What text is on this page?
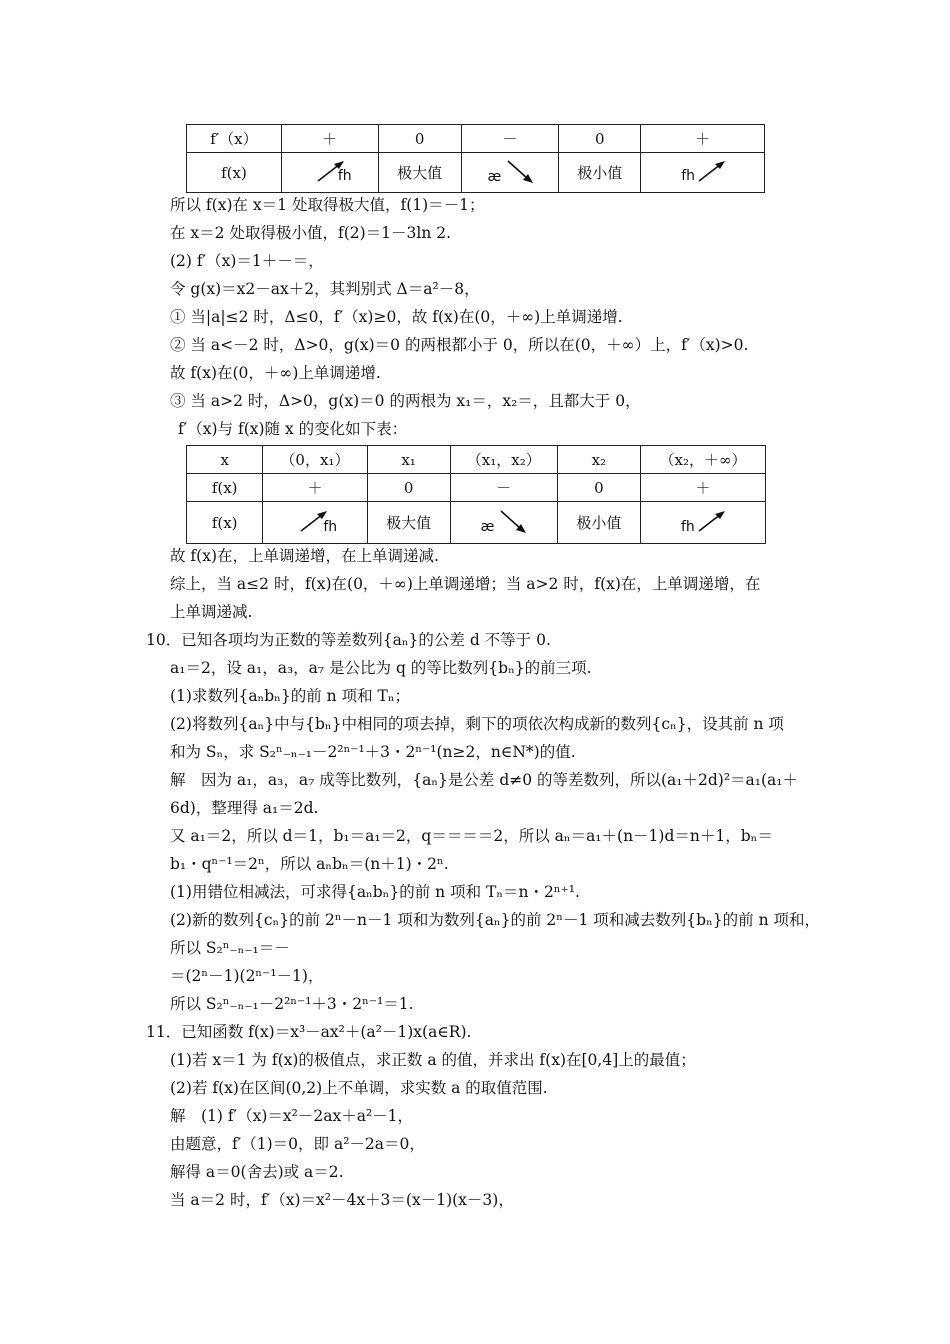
f′（x）	＋	0	－	0	＋
f(x)	fh	极大值	æ	极小值	fh
所以 f(x)在 x＝1 处取得极大值，f(1)＝－1；
在 x＝2 处取得极小值，f(2)＝1－3ln 2.
(2) f′（x)＝1＋－＝，
令 g(x)＝x2－ax＋2，其判别式 Δ＝a²－8，
① 当|a|≤2 时，Δ≤0，f′（x)≥0，故 f(x)在(0，＋∞)上单调递增.
② 当 a<－2 时，Δ>0，g(x)＝0 的两根都小于 0，所以在(0，＋∞）上，f′（x)>0.
故 f(x)在(0，＋∞)上单调递增.
③ 当 a>2 时，Δ>0，g(x)＝0 的两根为 x₁＝，x₂＝，且都大于 0，
f′（x)与 f(x)随 x 的变化如下表：
x	（0，x₁）	x₁	（x₁，x₂）	x₂	（x₂，＋∞）
f(x)	＋	0	－	0	＋
f(x)	fh	极大值	æ	极小值	fh
故 f(x)在，上单调递增，在上单调递减.
综上，当 a≤2 时，f(x)在(0，＋∞)上单调递增；当 a>2 时，f(x)在，上单调递增，在
上单调递减.
10．已知各项均为正数的等差数列{aₙ}的公差 d 不等于 0.
a₁＝2，设 a₁，a₃，a₇ 是公比为 q 的等比数列{bₙ}的前三项.
(1)求数列{aₙbₙ}的前 n 项和 Tₙ；
(2)将数列{aₙ}中与{bₙ}中相同的项去掉，剩下的项依次构成新的数列{cₙ}，设其前 n 项
和为 Sₙ，求 S₂ⁿ₋ₙ₋₁－2²ⁿ⁻¹＋3・2ⁿ⁻¹(n≥2，n∈N*)的值.
解　因为 a₁，a₃，a₇ 成等比数列，{aₙ}是公差 d≠0 的等差数列，所以(a₁＋2d)²＝a₁(a₁＋
6d)，整理得 a₁＝2d.
又 a₁＝2，所以 d＝1，b₁＝a₁＝2，q＝＝＝＝2，所以 aₙ＝a₁＋(n－1)d＝n＋1，bₙ＝
b₁・qⁿ⁻¹＝2ⁿ，所以 aₙbₙ＝(n＋1)・2ⁿ.
(1)用错位相减法，可求得{aₙbₙ}的前 n 项和 Tₙ＝n・2ⁿ⁺¹.
(2)新的数列{cₙ}的前 2ⁿ－n－1 项和为数列{aₙ}的前 2ⁿ－1 项和减去数列{bₙ}的前 n 项和，
所以 S₂ⁿ₋ₙ₋₁＝－
＝(2ⁿ－1)(2ⁿ⁻¹－1)，
所以 S₂ⁿ₋ₙ₋₁－2²ⁿ⁻¹＋3・2ⁿ⁻¹＝1.
11．已知函数 f(x)＝x³－ax²＋(a²－1)x(a∈R).
(1)若 x＝1 为 f(x)的极值点，求正数 a 的值，并求出 f(x)在[0,4]上的最值；
(2)若 f(x)在区间(0,2)上不单调，求实数 a 的取值范围.
解　(1) f′（x)＝x²－2ax＋a²－1，
由题意，f′（1)＝0，即 a²－2a＝0，
解得 a＝0(舍去)或 a＝2.
当 a＝2 时，f′（x)＝x²－4x＋3＝(x－1)(x－3)，
